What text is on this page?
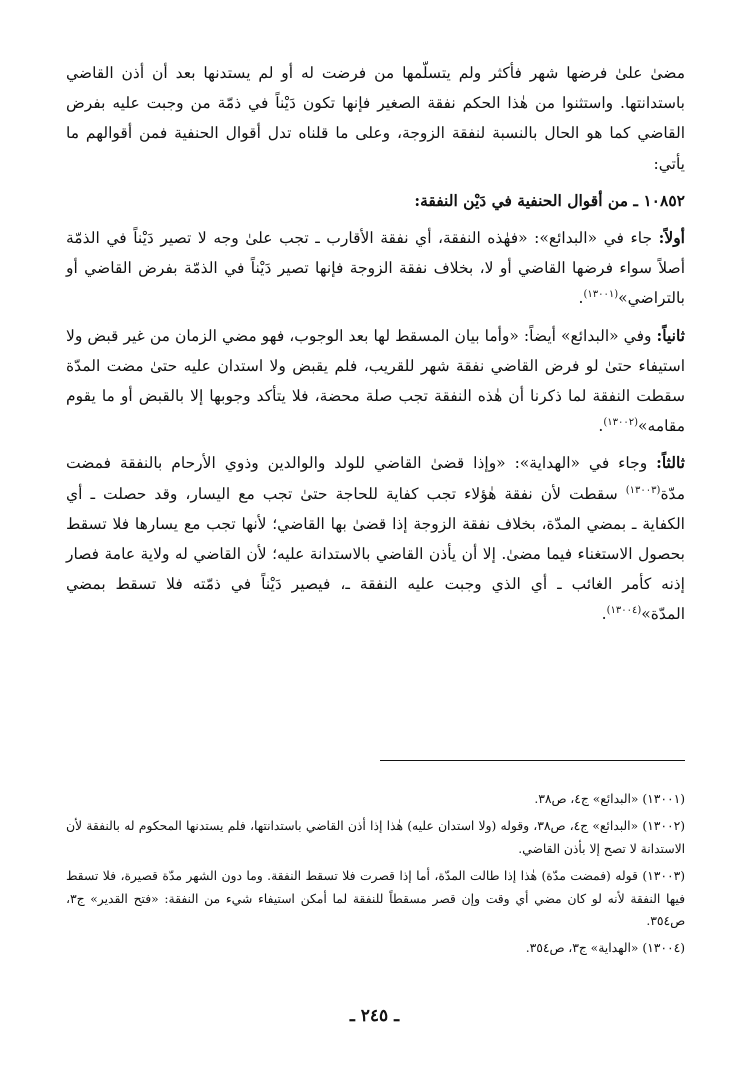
مضىٰ علىٰ فرضها شهر فأكثر ولم يتسلّمها من فرضت له أو لم يستدنها بعد أن أذن القاضي باستدانتها. واستثنوا من هٰذا الحكم نفقة الصغير فإنها تكون دَيْناً في ذمّة من وجبت عليه بفرض القاضي كما هو الحال بالنسبة لنفقة الزوجة، وعلى ما قلناه تدل أقوال الحنفية فمن أقوالهم ما يأتي:

١٠٨٥٢ ـ من أقوال الحنفية في دَيْن النفقة:

أولاً: جاء في «البدائع»: «فهٰذه النفقة، أي نفقة الأقارب ـ تجب علىٰ وجه لا تصير دَيْناً في الذمّة أصلاً سواء فرضها القاضي أو لا، بخلاف نفقة الزوجة فإنها تصير دَيْناً في الذمّة بفرض القاضي أو بالتراضي»$^{(١٣٠٠١)}$.

ثانياً: وفي «البدائع» أيضاً: «وأما بيان المسقط لها بعد الوجوب، فهو مضي الزمان من غير قبض ولا استيفاء حتىٰ لو فرض القاضي نفقة شهر للقريب، فلم يقبض ولا استدان عليه حتىٰ مضت المدّة سقطت النفقة لما ذكرنا أن هٰذه النفقة تجب صلة محضة، فلا يتأكد وجوبها إلا بالقبض أو ما يقوم مقامه»$^{(١٣٠٠٢)}$.

ثالثاً: وجاء في «الهداية»: «وإذا قضىٰ القاضي للولد والوالدين وذوي الأرحام بالنفقة فمضت مدّة$^{(١٣٠٠٣)}$ سقطت لأن نفقة هٰؤلاء تجب كفاية للحاجة حتىٰ تجب مع اليسار، وقد حصلت ـ أي الكفاية ـ بمضي المدّة، بخلاف نفقة الزوجة إذا قضىٰ بها القاضي؛ لأنها تجب مع يسارها فلا تسقط بحصول الاستغناء فيما مضىٰ. إلا أن يأذن القاضي بالاستدانة عليه؛ لأن القاضي له ولاية عامة فصار إذنه كأمر الغائب ـ أي الذي وجبت عليه النفقة ـ، فيصير دَيْناً في ذمّته فلا تسقط بمضي المدّة»$^{(١٣٠٠٤)}$.

(١٣٠٠١) «البدائع» ج٤، ص٣٨.

(١٣٠٠٢) «البدائع» ج٤، ص٣٨، وقوله (ولا استدان عليه) هٰذا إذا أذن القاضي باستدانتها، فلم يستدنها المحكوم له بالنفقة لأن الاستدانة لا تصح إلا بأذن القاضي.

(١٣٠٠٣) قوله (فمضت مدّة) هٰذا إذا طالت المدّة، أما إذا قصرت فلا تسقط النفقة. وما دون الشهر مدّة قصيرة، فلا تسقط فيها النفقة لأنه لو كان مضي أي وقت وإن قصر مسقطاً للنفقة لما أمكن استيفاء شيء من النفقة: «فتح القدير» ج٣، ص٣٥٤.

(١٣٠٠٤) «الهداية» ج٣، ص٣٥٤.

ـ ٢٤٥ ـ
